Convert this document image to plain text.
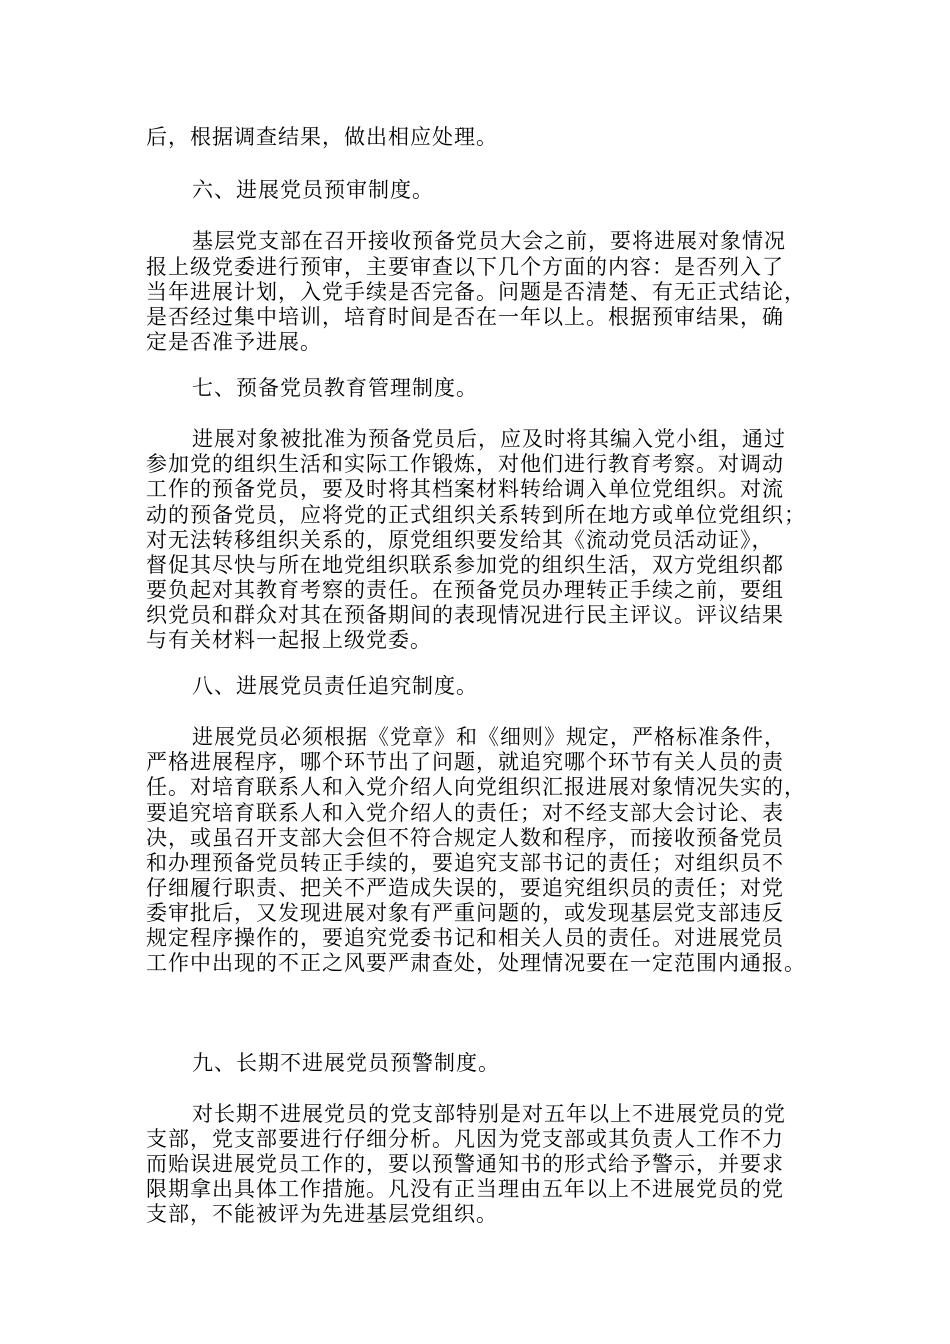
后，根据调查结果，做出相应处理。
六、进展党员预审制度。
基层党支部在召开接收预备党员大会之前，要将进展对象情况
报上级党委进行预审，主要审查以下几个方面的内容：是否列入了
当年进展计划，入党手续是否完备。问题是否清楚、有无正式结论，
是否经过集中培训，培育时间是否在一年以上。根据预审结果，确
定是否准予进展。
七、预备党员教育管理制度。
进展对象被批准为预备党员后，应及时将其编入党小组，通过
参加党的组织生活和实际工作锻炼，对他们进行教育考察。对调动
工作的预备党员，要及时将其档案材料转给调入单位党组织。对流
动的预备党员，应将党的正式组织关系转到所在地方或单位党组织；
对无法转移组织关系的，原党组织要发给其《流动党员活动证》，
督促其尽快与所在地党组织联系参加党的组织生活，双方党组织都
要负起对其教育考察的责任。在预备党员办理转正手续之前，要组
织党员和群众对其在预备期间的表现情况进行民主评议。评议结果
与有关材料一起报上级党委。
八、进展党员责任追究制度。
进展党员必须根据《党章》和《细则》规定，严格标准条件，
严格进展程序，哪个环节出了问题，就追究哪个环节有关人员的责
任。对培育联系人和入党介绍人向党组织汇报进展对象情况失实的，
要追究培育联系人和入党介绍人的责任；对不经支部大会讨论、表
决，或虽召开支部大会但不符合规定人数和程序，而接收预备党员
和办理预备党员转正手续的，要追究支部书记的责任；对组织员不
仔细履行职责、把关不严造成失误的，要追究组织员的责任；对党
委审批后，又发现进展对象有严重问题的，或发现基层党支部违反
规定程序操作的，要追究党委书记和相关人员的责任。对进展党员
工作中出现的不正之风要严肃查处，处理情况要在一定范围内通报。
九、长期不进展党员预警制度。
对长期不进展党员的党支部特别是对五年以上不进展党员的党
支部，党支部要进行仔细分析。凡因为党支部或其负责人工作不力
而贻误进展党员工作的，要以预警通知书的形式给予警示，并要求
限期拿出具体工作措施。凡没有正当理由五年以上不进展党员的党
支部，不能被评为先进基层党组织。
